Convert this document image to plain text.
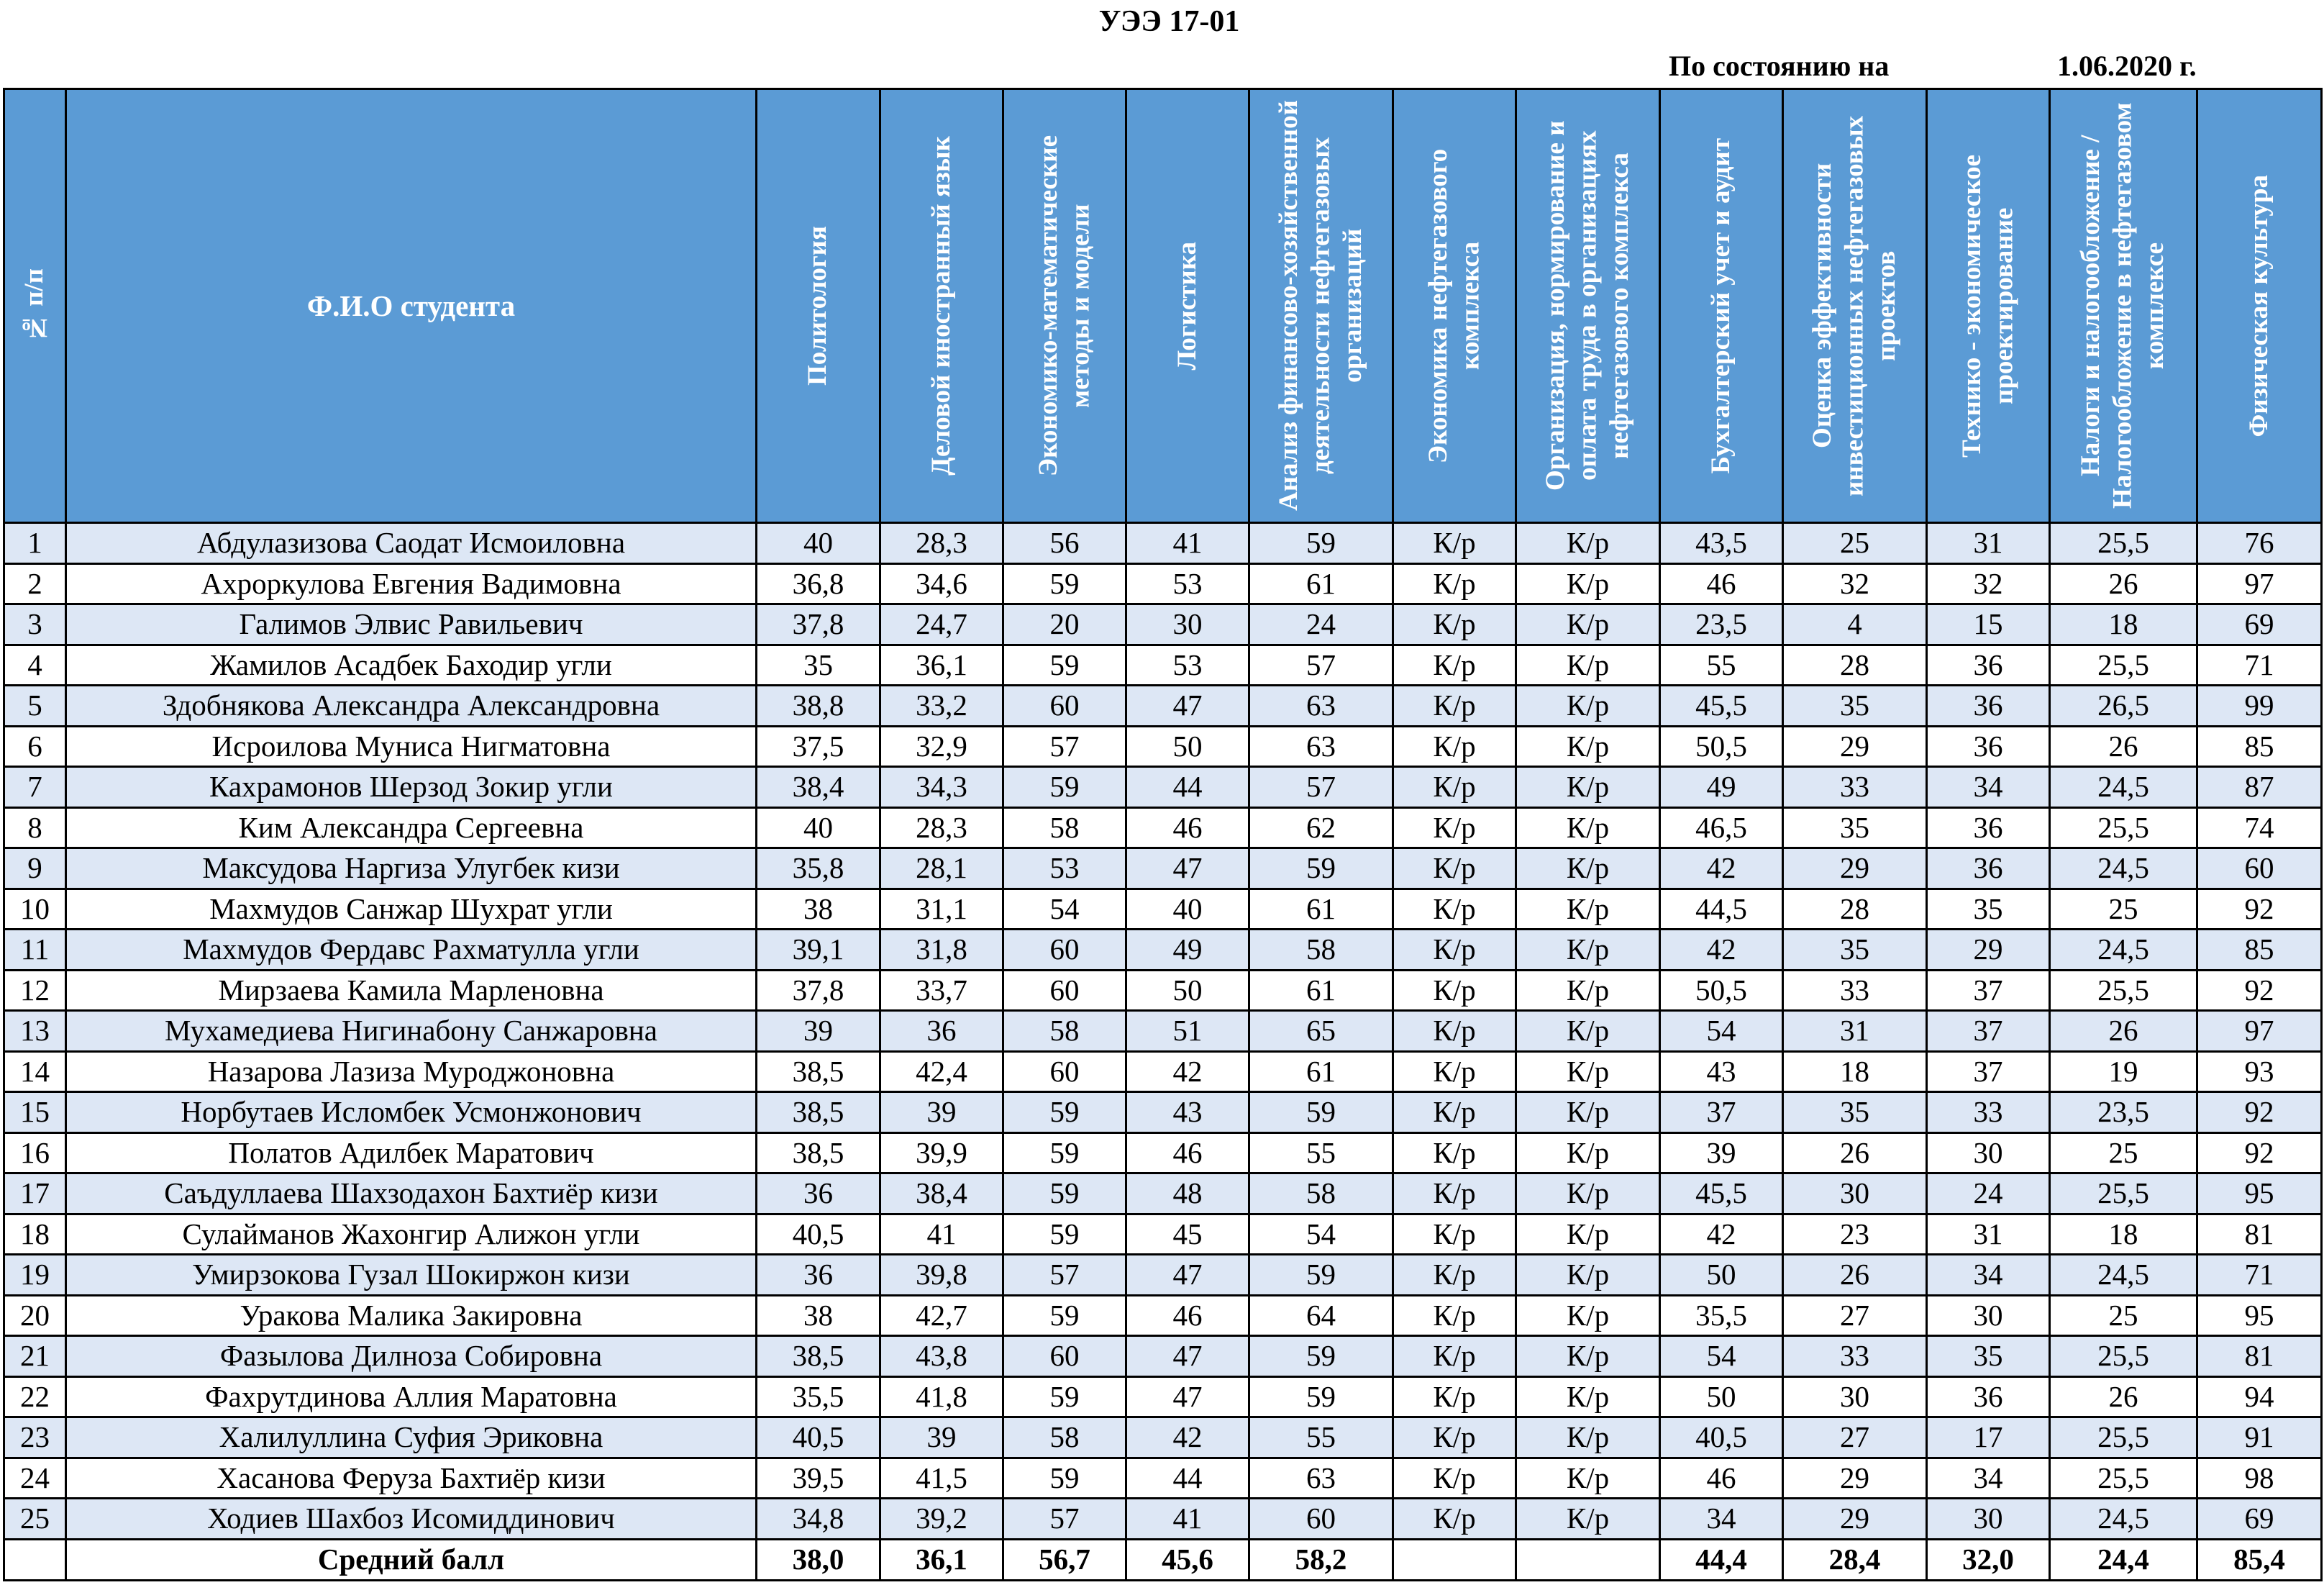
УЭЭ 17-01
По состоянию на	1.06.2020 г.
№ п/п	Ф.И.О студента	Политология	Деловой иностранный язык	Экономико-математические методы и модели	Логистика	Анализ финансово-хозяйственной деятельности нефтегазовых организаций	Экономика нефтегазового комплекса	Организация, нормирование и оплата труда в организациях нефтегазового комплекса	Бухгалтерский учет и аудит	Оценка эффективности инвестиционных нефтегазовых проектов	Технико - экономическое проектирование	Налоги и налогообложение / Налогообложение в нефтегазовом комплексе	Физическая культура

1	Абдулазизова Саодат Исмоиловна	40	28,3	56	41	59	К/р	К/р	43,5	25	31	25,5	76
2	Ахроркулова Евгения Вадимовна	36,8	34,6	59	53	61	К/р	К/р	46	32	32	26	97
3	Галимов Элвис Равильевич	37,8	24,7	20	30	24	К/р	К/р	23,5	4	15	18	69
4	Жамилов Асадбек Баходир угли	35	36,1	59	53	57	К/р	К/р	55	28	36	25,5	71
5	Здобнякова Александра Александровна	38,8	33,2	60	47	63	К/р	К/р	45,5	35	36	26,5	99
6	Исроилова Муниса Нигматовна	37,5	32,9	57	50	63	К/р	К/р	50,5	29	36	26	85
7	Кахрамонов Шерзод Зокир угли	38,4	34,3	59	44	57	К/р	К/р	49	33	34	24,5	87
8	Ким Александра Сергеевна	40	28,3	58	46	62	К/р	К/р	46,5	35	36	25,5	74
9	Максудова Наргиза Улугбек кизи	35,8	28,1	53	47	59	К/р	К/р	42	29	36	24,5	60
10	Махмудов Санжар Шухрат угли	38	31,1	54	40	61	К/р	К/р	44,5	28	35	25	92
11	Махмудов Фердавс Рахматулла угли	39,1	31,8	60	49	58	К/р	К/р	42	35	29	24,5	85
12	Мирзаева Камила Марленовна	37,8	33,7	60	50	61	К/р	К/р	50,5	33	37	25,5	92
13	Мухамедиева Нигинабону Санжаровна	39	36	58	51	65	К/р	К/р	54	31	37	26	97
14	Назарова Лазиза Муроджоновна	38,5	42,4	60	42	61	К/р	К/р	43	18	37	19	93
15	Норбутаев Исломбек Усмонжонович	38,5	39	59	43	59	К/р	К/р	37	35	33	23,5	92
16	Полатов Адилбек Маратович	38,5	39,9	59	46	55	К/р	К/р	39	26	30	25	92
17	Саъдуллаева Шахзодахон Бахтиёр кизи	36	38,4	59	48	58	К/р	К/р	45,5	30	24	25,5	95
18	Сулайманов Жахонгир Алижон угли	40,5	41	59	45	54	К/р	К/р	42	23	31	18	81
19	Умирзокова Гузал Шокиржон кизи	36	39,8	57	47	59	К/р	К/р	50	26	34	24,5	71
20	Уракова Малика Закировна	38	42,7	59	46	64	К/р	К/р	35,5	27	30	25	95
21	Фазылова Дилноза Собировна	38,5	43,8	60	47	59	К/р	К/р	54	33	35	25,5	81
22	Фахрутдинова Аллия Маратовна	35,5	41,8	59	47	59	К/р	К/р	50	30	36	26	94
23	Халилуллина Суфия Эриковна	40,5	39	58	42	55	К/р	К/р	40,5	27	17	25,5	91
24	Хасанова Феруза Бахтиёр кизи	39,5	41,5	59	44	63	К/р	К/р	46	29	34	25,5	98
25	Ходиев Шахбоз Исомиддинович	34,8	39,2	57	41	60	К/р	К/р	34	29	30	24,5	69
	Средний балл	38,0	36,1	56,7	45,6	58,2			44,4	28,4	32,0	24,4	85,4
